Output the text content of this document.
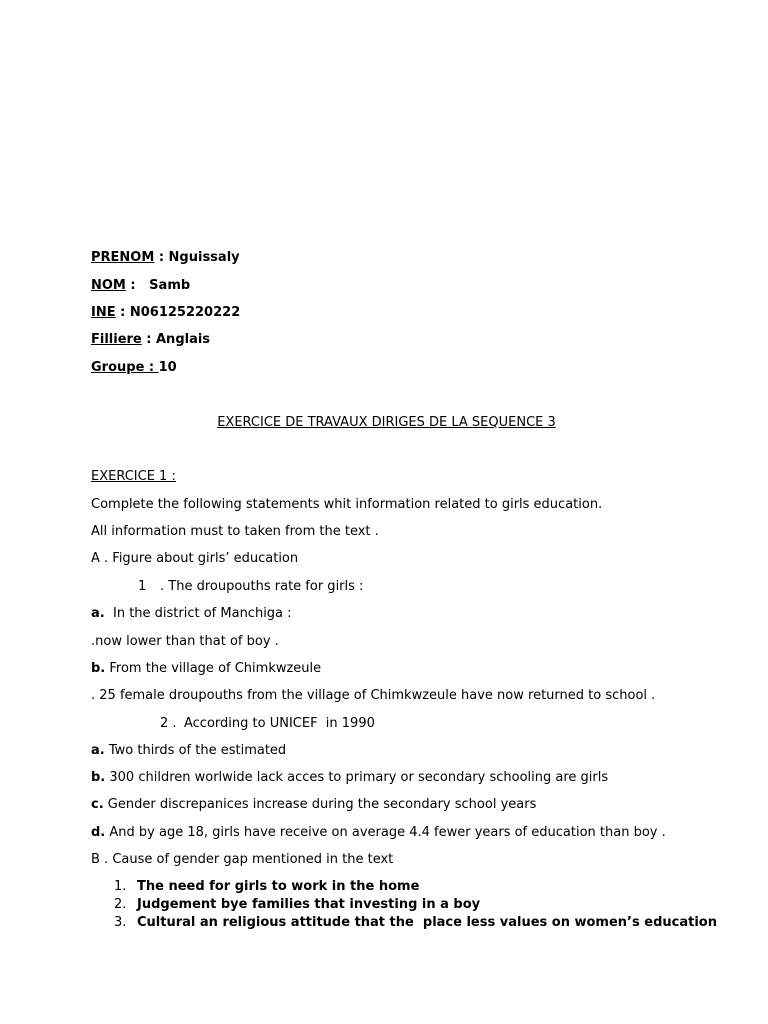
PRENOM : Nguissaly
NOM :   Samb
INE : N06125220222
Filliere : Anglais
Groupe : 10
EXERCICE DE TRAVAUX DIRIGES DE LA SEQUENCE 3
EXERCICE 1 :
Complete the following statements whit information related to girls education.
All information must to taken from the text .
A . Figure about girls’ education
1 . The droupouths rate for girls :
a.  In the district of Manchiga :
.now lower than that of boy .
b. From the village of Chimkwzeule
. 25 female droupouths from the village of Chimkwzeule have now returned to school .
2 . According to UNICEF  in 1990
a. Two thirds of the estimated
b. 300 children worlwide lack acces to primary or secondary schooling are girls
c. Gender discrepanices increase during the secondary school years
d. And by age 18, girls have receive on average 4.4 fewer years of education than boy .
B . Cause of gender gap mentioned in the text
1. The need for girls to work in the home
2. Judgement bye families that investing in a boy
3. Cultural an religious attitude that the  place less values on women’s education
